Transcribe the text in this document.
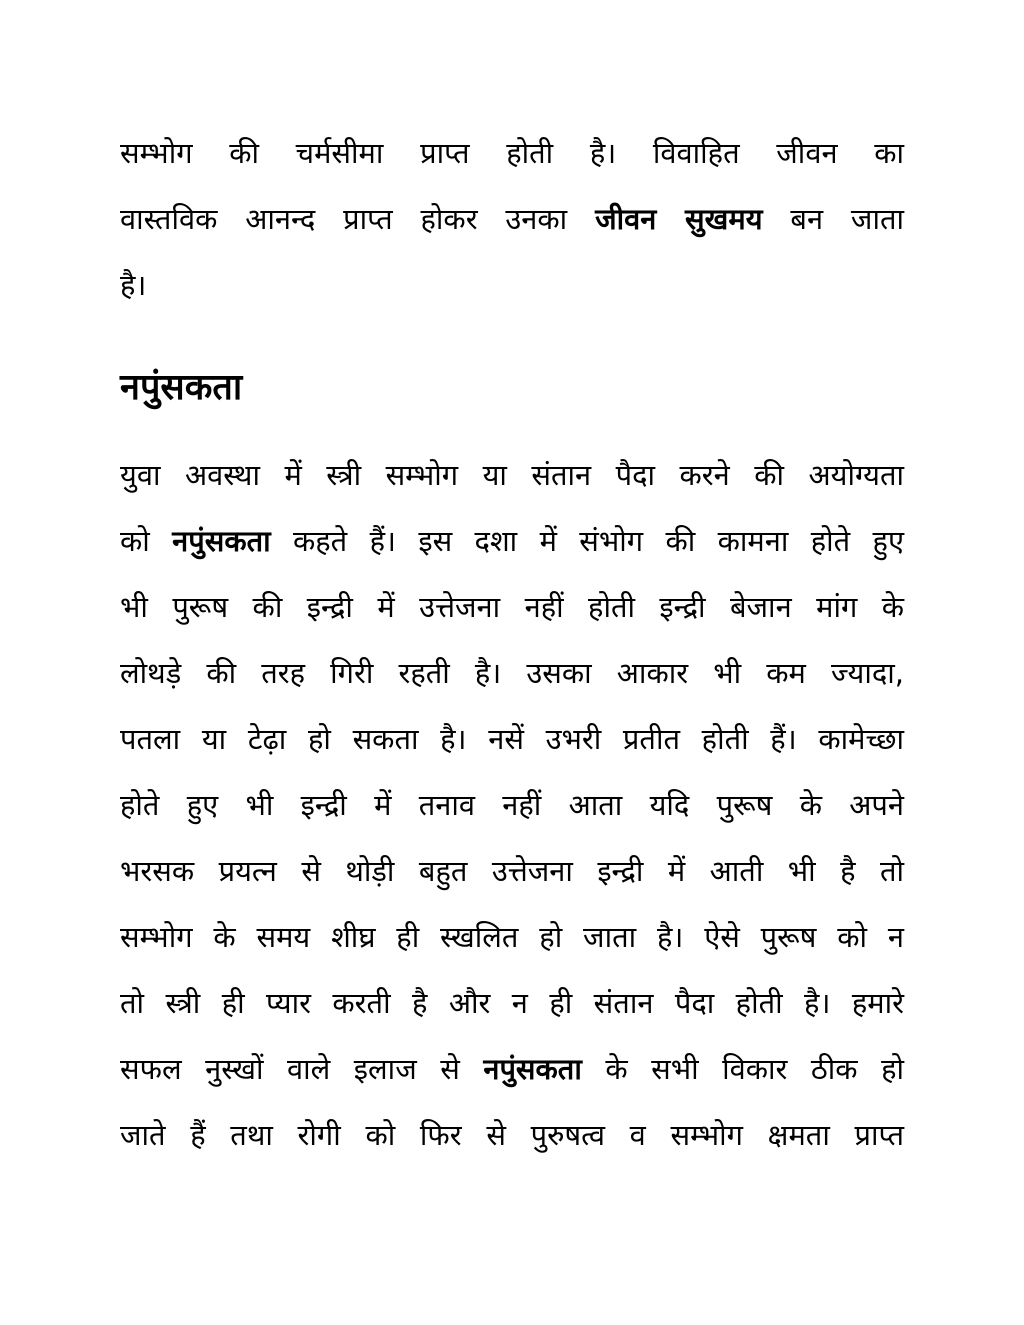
सम्भोग की चर्मसीमा प्राप्त होती है। विवाहित जीवन का
वास्तविक आनन्द प्राप्त होकर उनका जीवन सुखमय बन जाता
है।
नपुंसकता
युवा अवस्था में स्त्री सम्भोग या संतान पैदा करने की अयोग्यता
को नपुंसकता कहते हैं। इस दशा में संभोग की कामना होते हुए
भी पुरूष की इन्द्री में उत्तेजना नहीं होती इन्द्री बेजान मांग के
लोथड़े की तरह गिरी रहती है। उसका आकार भी कम ज्यादा,
पतला या टेढ़ा हो सकता है। नसें उभरी प्रतीत होती हैं। कामेच्छा
होते हुए भी इन्द्री में तनाव नहीं आता यदि पुरूष के अपने
भरसक प्रयत्न से थोड़ी बहुत उत्तेजना इन्द्री में आती भी है तो
सम्भोग के समय शीघ्र ही स्खलित हो जाता है। ऐसे पुरूष को न
तो स्त्री ही प्यार करती है और न ही संतान पैदा होती है। हमारे
सफल नुस्खों वाले इलाज से नपुंसकता के सभी विकार ठीक हो
जाते हैं तथा रोगी को फिर से पुरुषत्व व सम्भोग क्षमता प्राप्त
